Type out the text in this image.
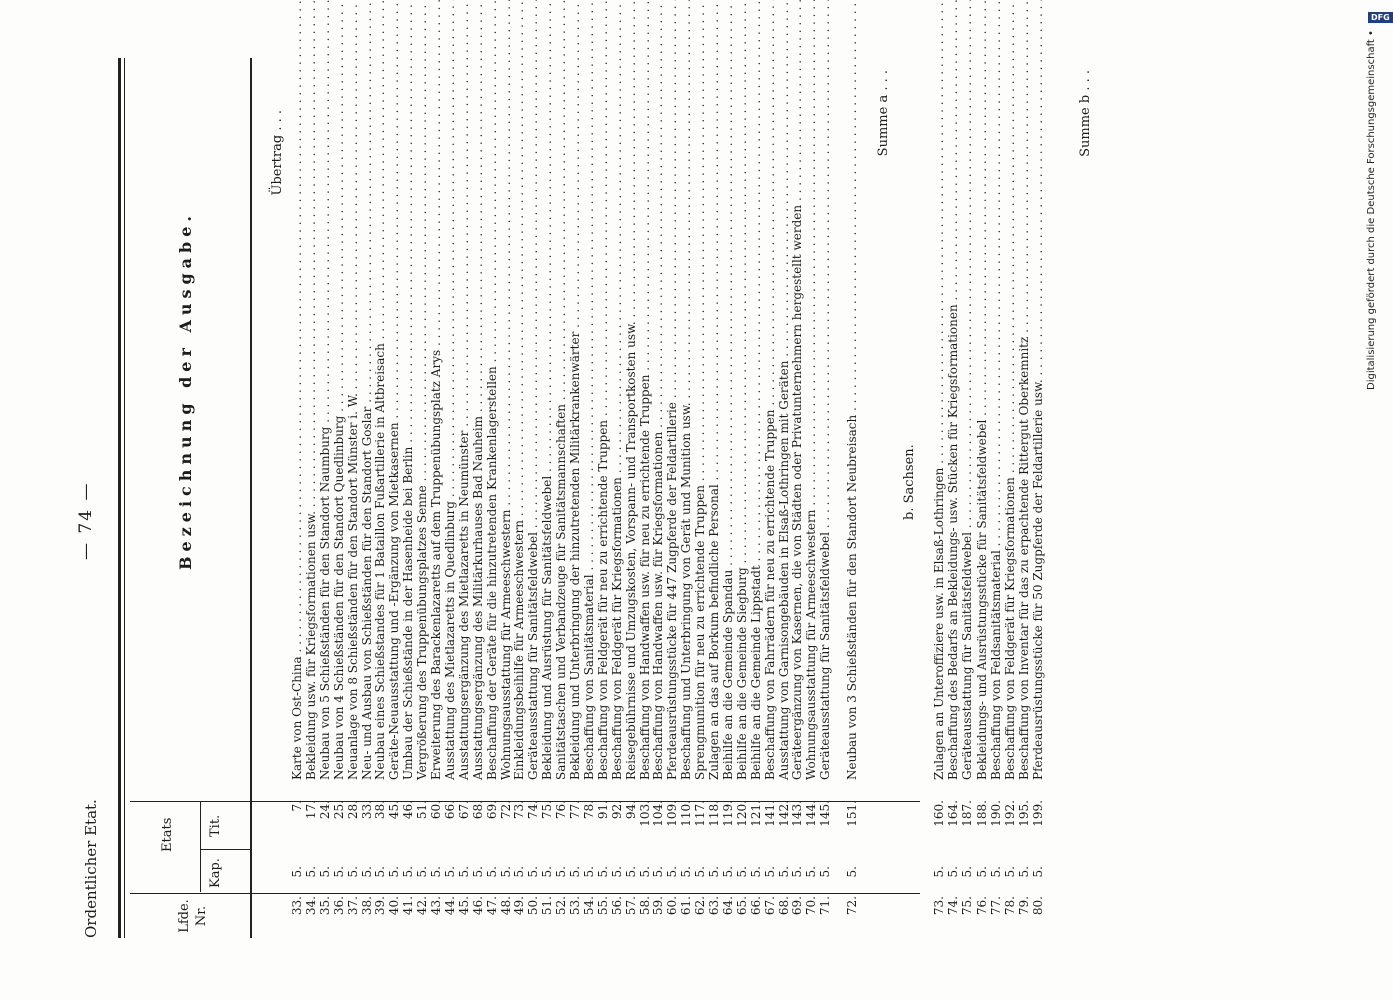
Ordentlicher Etat.
— 74 —
Lfde. Nr.
Etats
Kap.
Tit.
Bezeichnung der Ausgabe.
Übertrag . . .
33.
5.
7.
Karte von Ost-China . . .
34.
5.
17.
Bekleidung usw. für Kriegsformationen usw. . . .
35.
5.
24.
Neubau von 5 Schießständen für den Standort Naumburg . . .
36.
5.
25.
Neubau von 4 Schießständen für den Standort Quedlinburg . . .
37.
5.
28.
Neuanlage von 8 Schießständen für den Standort Münster i. W. . . .
38.
5.
33.
Neu- und Ausbau von Schießständen für den Standort Goslar . . .
39.
5.
38.
Neubau eines Schießstandes für 1 Bataillon Fußartillerie in Altbreisach . . .
40.
5.
45.
Geräte-Neuausstattung und -Ergänzung von Mietkasernen . . .
41.
5.
46.
Umbau der Schießstände in der Hasenheide bei Berlin . . .
42.
5.
51.
Vergrößerung des Truppenübungsplatzes Senne . . .
43.
5.
60.
Erweiterung des Barackenlazaretts auf dem Truppenübungsplatz Arys . . .
44.
5.
66.
Ausstattung des Mietlazaretts in Quedlinburg . . .
45.
5.
67.
Ausstattungsergänzung des Mietlazaretts in Neumünster . . .
46.
5.
68.
Ausstattungsergänzung des Militärkurhauses Bad Nauheim . . .
47.
5.
69.
Beschaffung der Geräte für die hinzutretenden Krankenlagerstellen . . .
48.
5.
72.
Wohnungsausstattung für Armeeschwestern . . .
49.
5.
73.
Einkleidungsbeihilfe für Armeeschwestern . . .
50.
5.
74.
Geräteausstattung für Sanitätsfeldwebel . . .
51.
5.
75.
Bekleidung und Ausrüstung für Sanitätsfeldwebel . . .
52.
5.
76.
Sanitätstaschen und Verbandzeuge für Sanitätsmannschaften . . .
53.
5.
77.
Bekleidung und Unterbringung der hinzutretenden Militärkrankenwärter . . .
54.
5.
78.
Beschaffung von Sanitätsmaterial . . .
55.
5.
91.
Beschaffung von Feldgerät für neu zu errichtende Truppen . . .
56.
5.
92.
Beschaffung von Feldgerät für Kriegsformationen . . .
57.
5.
94.
Reisegebührnisse und Umzugskosten, Vorspann- und Transportkosten usw. . . .
58.
5.
103.
Beschaffung von Handwaffen usw. für neu zu errichtende Truppen . . .
59.
5.
104.
Beschaffung von Handwaffen usw. für Kriegsformationen . . .
60.
5.
109.
Pferdeausrüstungsstücke für 447 Zugpferde der Feldartillerie . . .
61.
5.
110.
Beschaffung und Unterbringung von Gerät und Munition usw. . . .
62.
5.
117.
Sprengmunition für neu zu errichtende Truppen . . .
63.
5.
118.
Zulagen an das auf Borkum befindliche Personal . . .
64.
5.
119.
Beihilfe an die Gemeinde Spandau . . .
65.
5.
120.
Beihilfe an die Gemeinde Siegburg . . .
66.
5.
121.
Beihilfe an die Gemeinde Lippstadt . . .
67.
5.
141.
Beschaffung von Fahrrädern für neu zu errichtende Truppen . . .
68.
5.
142.
Ausstattung von Garnisongebäuden in Elsaß-Lothringen mit Geräten . . .
69.
5.
143.
Geräteergänzung von Kasernen, die von Städten oder Privatunternehmern hergestellt werden . . .
70.
5.
144.
Wohnungsausstattung für Armeeschwestern . . .
71.
5.
145.
Geräteausstattung für Sanitätsfeldwebel . . .
72.
5.
151.
Neubau von 3 Schießständen für den Standort Neubreisach . . .
Summe a . . .
b. Sachsen.
73.
5.
160.
Zulagen an Unteroffiziere usw. in Elsaß-Lothringen . . .
74.
5.
164.
Beschaffung des Bedarfs an Bekleidungs- usw. Stücken für Kriegsformationen . . .
75.
5.
187.
Geräteausstattung für Sanitätsfeldwebel . . .
76.
5.
188.
Bekleidungs- und Ausrüstungsstücke für Sanitätsfeldwebel . . .
77.
5.
190.
Beschaffung von Feldsanitätsmaterial . . .
78.
5.
192.
Beschaffung von Feldgerät für Kriegsformationen . . .
79.
5.
195.
Beschaffung von Inventar für das zu erpachtende Rittergut Oberkemnitz . . .
80.
5.
199.
Pferdeausrüstungsstücke für 50 Zugpferde der Feldartillerie usw. . . .
Summe b . . .	Digitalisierung gefördert durch die Deutsche Forschungsgemeinschaft •
DFG
